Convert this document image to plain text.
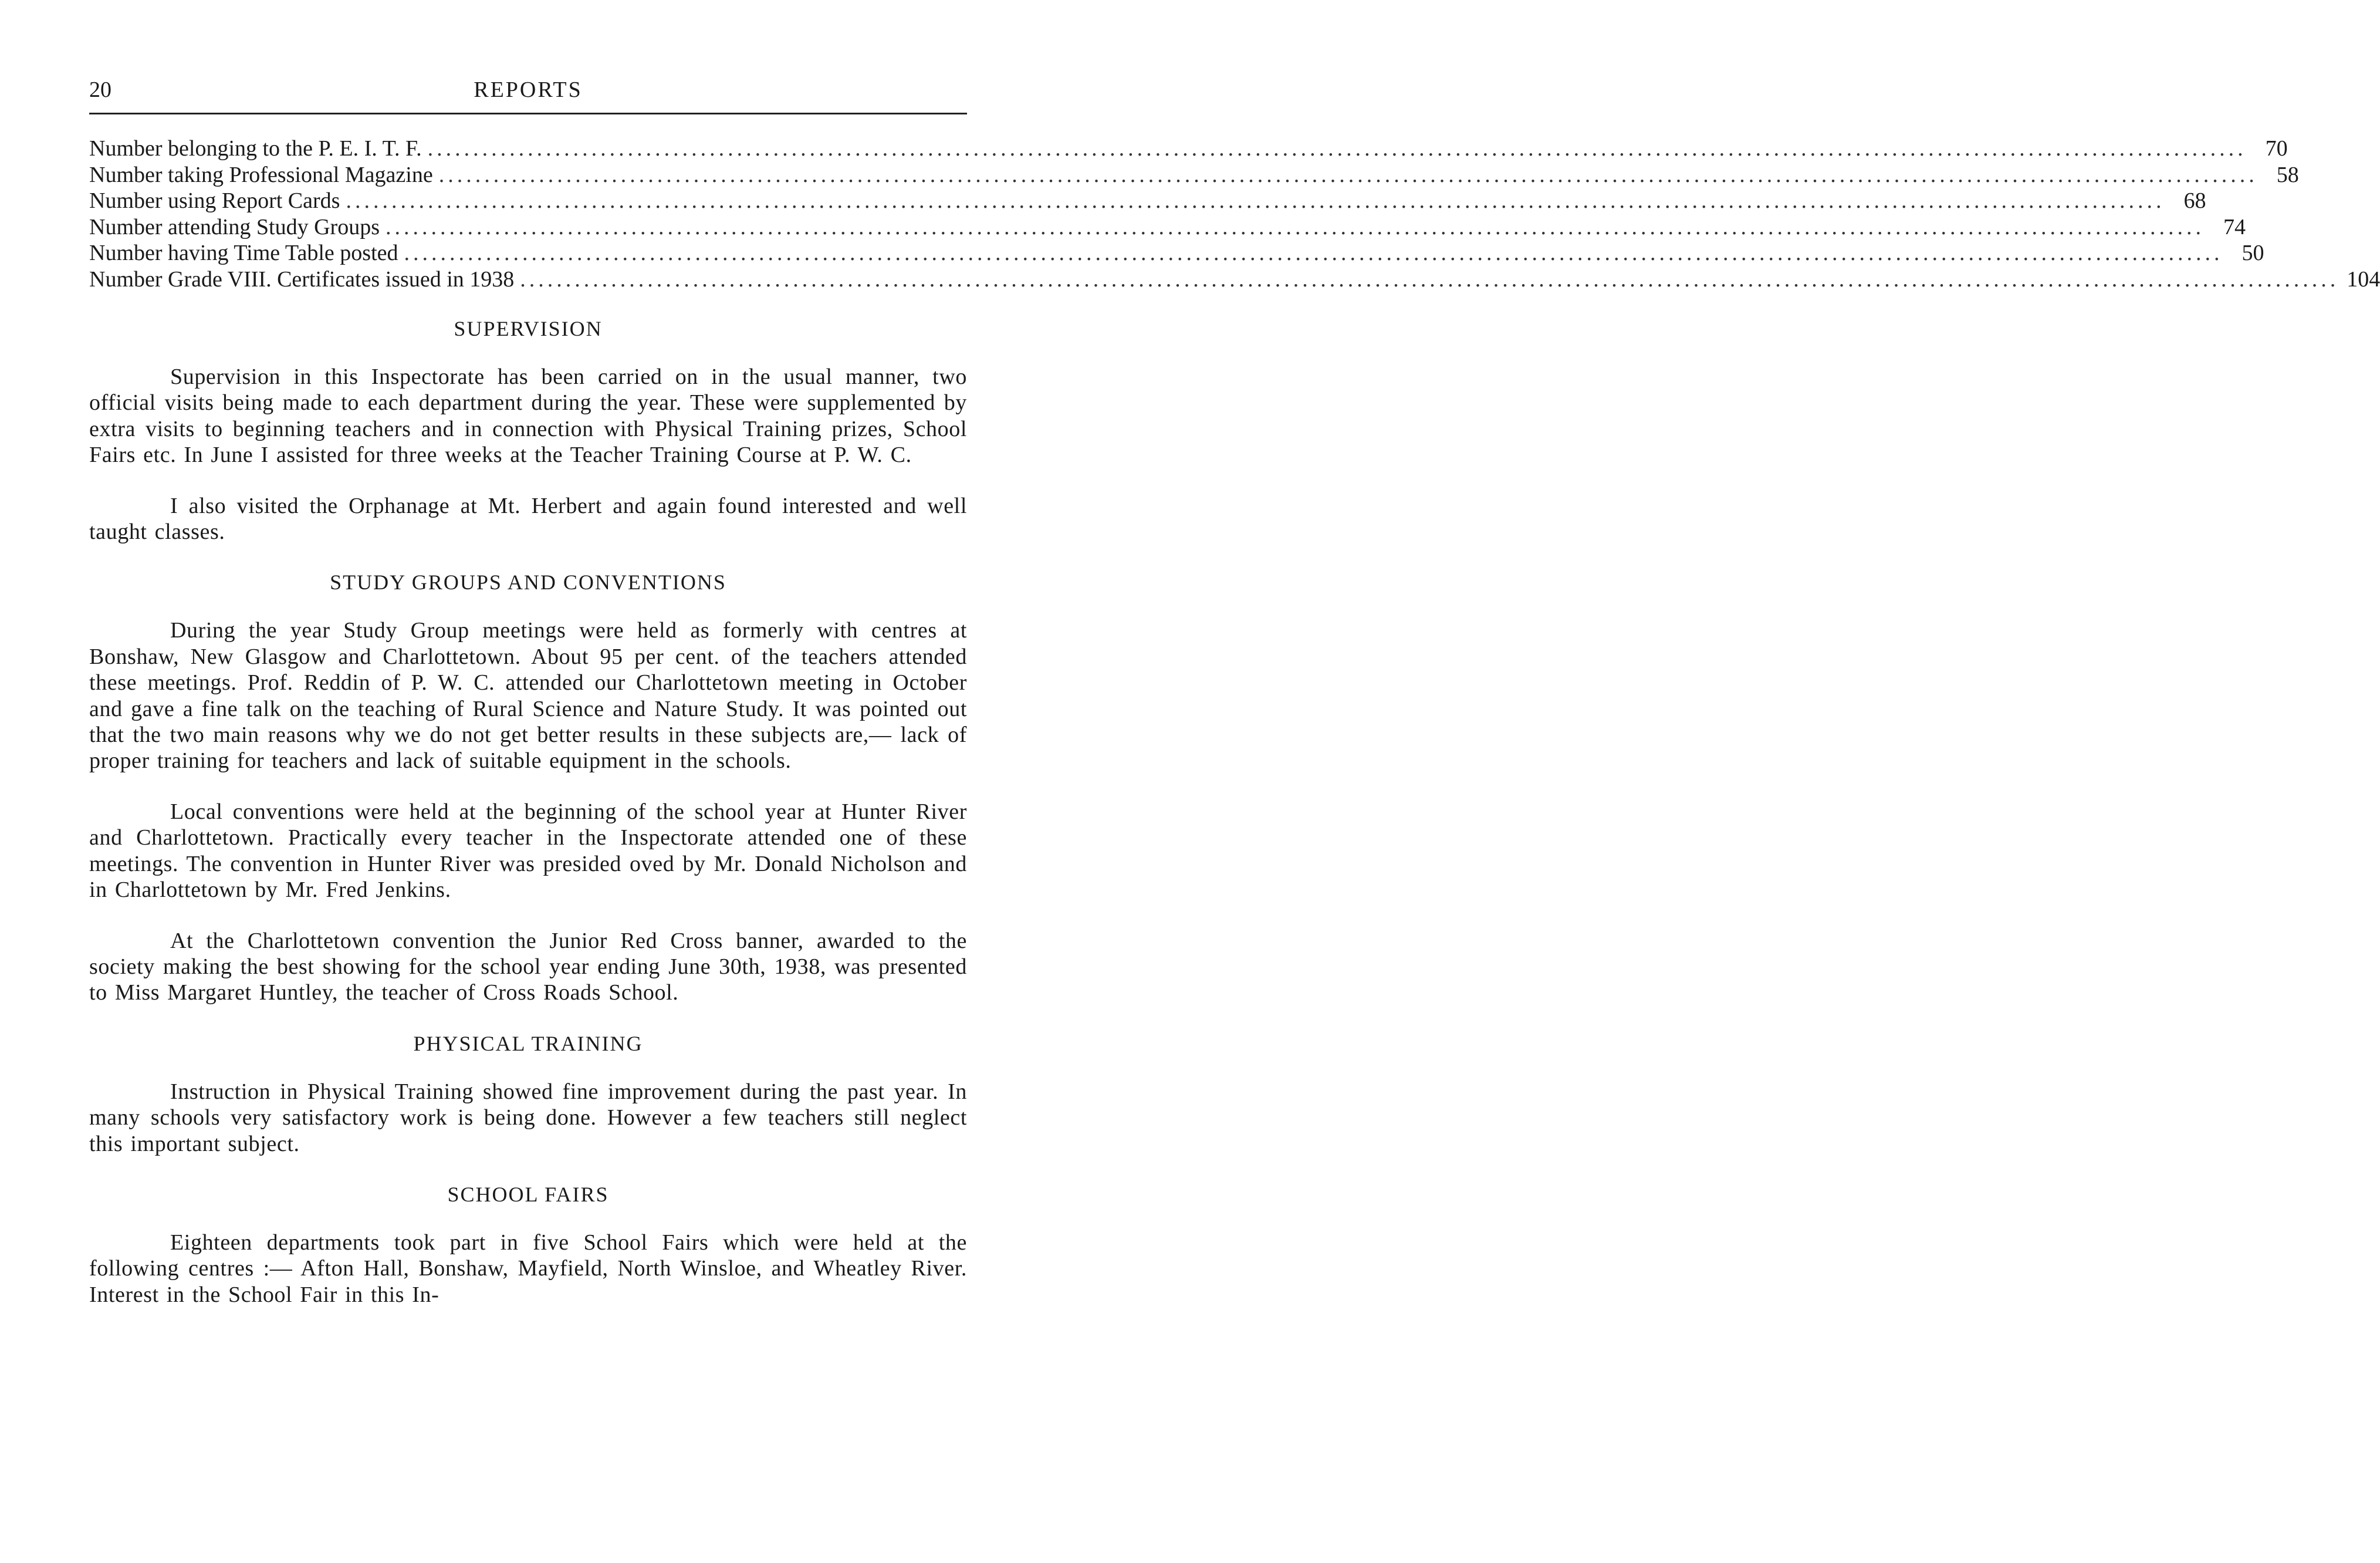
20	REPORTS
Number belonging to the P. E. I. T. F. ........................................................................................................................................................................................................ 70
Number taking Professional Magazine ........................................................................................................................................................................................................ 58
Number using Report Cards ........................................................................................................................................................................................................ 68
Number attending Study Groups ........................................................................................................................................................................................................ 74
Number having Time Table posted ........................................................................................................................................................................................................ 50
Number Grade VIII. Certificates issued in 1938 ........................................................................................................................................................................................................ 104
SUPERVISION

Supervision in this Inspectorate has been carried on in the usual manner, two official visits being made to each department during the year. These were supplemented by extra visits to beginning teachers and in connection with Physical Training prizes, School Fairs etc. In June I assisted for three weeks at the Teacher Training Course at P. W. C.

I also visited the Orphanage at Mt. Herbert and again found interested and well taught classes.

STUDY GROUPS AND CONVENTIONS

During the year Study Group meetings were held as formerly with centres at Bonshaw, New Glasgow and Charlottetown. About 95 per cent. of the teachers attended these meetings. Prof. Reddin of P. W. C. attended our Charlottetown meeting in October and gave a fine talk on the teaching of Rural Science and Nature Study. It was pointed out that the two main reasons why we do not get better results in these subjects are,— lack of proper training for teachers and lack of suitable equipment in the schools.

Local conventions were held at the beginning of the school year at Hunter River and Charlottetown. Practically every teacher in the Inspectorate attended one of these meetings. The convention in Hunter River was presided oved by Mr. Donald Nicholson and in Charlottetown by Mr. Fred Jenkins.

At the Charlottetown convention the Junior Red Cross banner, awarded to the society making the best showing for the school year ending June 30th, 1938, was presented to Miss Margaret Huntley, the teacher of Cross Roads School.

PHYSICAL TRAINING

Instruction in Physical Training showed fine improvement during the past year. In many schools very satisfactory work is being done. However a few teachers still neglect this important subject.

SCHOOL FAIRS

Eighteen departments took part in five School Fairs which were held at the following centres :— Afton Hall, Bonshaw, Mayfield, North Winsloe, and Wheatley River. Interest in the School Fair in this In-
